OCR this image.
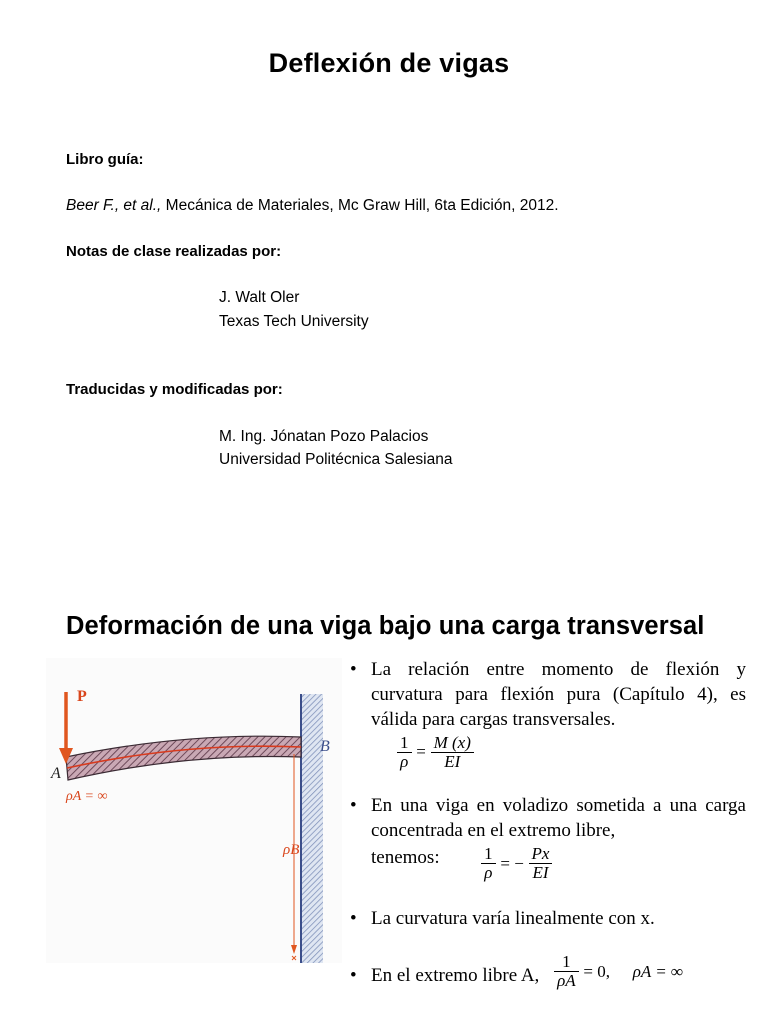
Deflexión de vigas
Libro guía:
Beer F., et al., Mecánica de Materiales, Mc Graw Hill, 6ta Edición, 2012.
Notas de clase realizadas por:
J. Walt Oler
Texas Tech University
Traducidas y modificadas por:
M. Ing. Jónatan Pozo Palacios
Universidad Politécnica Salesiana
Deformación de una viga bajo una carga transversal
P
A
B
ρA = ∞
ρB
• La relación entre momento de flexión y curvatura para flexión pura (Capítulo 4), es válida para cargas transversales.
$\frac{1}{\rho} = \frac{M (x)}{EI}$
• En una viga en voladizo sometida a una carga concentrada en el extremo libre,
tenemos: $\frac{1}{\rho}$ = − $\frac{Px}{EI}$
• La curvatura varía linealmente con x.
• En el extremo libre A, $\frac{1}{\rho A} = 0$, ρA = ∞
